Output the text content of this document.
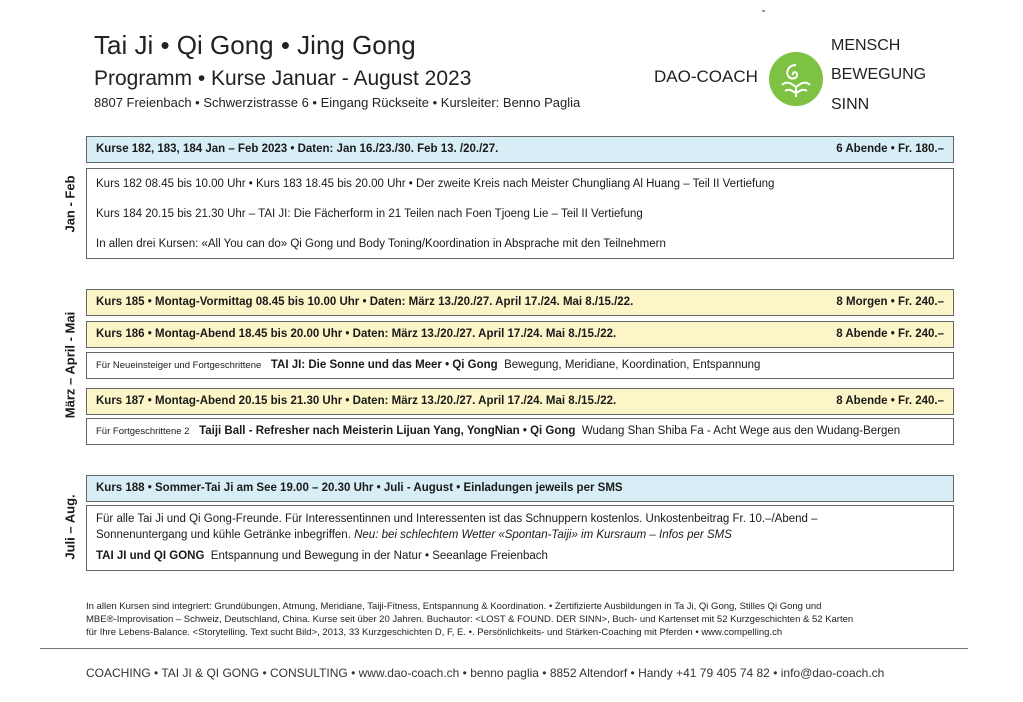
Tai Ji • Qi Gong • Jing Gong
Programm • Kurse Januar - August 2023
8807 Freienbach • Schwerzistrasse 6 • Eingang Rückseite • Kursleiter: Benno Paglia
DAO-COACH
MENSCH
BEWEGUNG
SINN
Jan - Feb
Kurse 182, 183, 184 Jan – Feb 2023 • Daten: Jan 16./23./30. Feb 13. /20./27.	6 Abende • Fr. 180.–
Kurs 182 08.45 bis 10.00 Uhr • Kurs 183 18.45 bis 20.00 Uhr • Der zweite Kreis nach Meister Chungliang Al Huang – Teil II Vertiefung
Kurs 184 20.15 bis 21.30 Uhr – TAI JI: Die Fächerform in 21 Teilen nach Foen Tjoeng Lie – Teil II Vertiefung
In allen drei Kursen: «All You can do» Qi Gong und Body Toning/Koordination in Absprache mit den Teilnehmern
März – April - Mai
Kurs 185 • Montag-Vormittag 08.45 bis 10.00 Uhr • Daten: März 13./20./27. April 17./24. Mai 8./15./22.	8 Morgen • Fr. 240.–
Kurs 186 • Montag-Abend 18.45 bis 20.00 Uhr • Daten: März 13./20./27. April 17./24. Mai 8./15./22.	8 Abende • Fr. 240.–
Für Neueinsteiger und Fortgeschrittene TAI JI: Die Sonne und das Meer • Qi Gong Bewegung, Meridiane, Koordination, Entspannung
Kurs 187 • Montag-Abend 20.15 bis 21.30 Uhr • Daten: März 13./20./27. April 17./24. Mai 8./15./22.	8 Abende • Fr. 240.–
Für Fortgeschrittene 2 Taiji Ball - Refresher nach Meisterin Lijuan Yang, YongNian • Qi Gong Wudang Shan Shiba Fa - Acht Wege aus den Wudang-Bergen
Juli – Aug.
Kurs 188 • Sommer-Tai Ji am See 19.00 – 20.30 Uhr • Juli - August • Einladungen jeweils per SMS
Für alle Tai Ji und Qi Gong-Freunde. Für Interessentinnen und Interessenten ist das Schnuppern kostenlos. Unkostenbeitrag Fr. 10.–/Abend –
Sonnenuntergang und kühle Getränke inbegriffen. Neu: bei schlechtem Wetter «Spontan-Taiji» im Kursraum – Infos per SMS
TAI JI und QI GONG Entspannung und Bewegung in der Natur • Seeanlage Freienbach
In allen Kursen sind integriert: Grundübungen, Atmung, Meridiane, Taiji-Fitness, Entspannung & Koordination. • Zertifizierte Ausbildungen in Ta Ji, Qi Gong, Stilles Qi Gong und
MBE®-Improvisation – Schweiz, Deutschland, China. Kurse seit über 20 Jahren. Buchautor: <LOST & FOUND. DER SINN>, Buch- und Kartenset mit 52 Kurzgeschichten & 52 Karten
für Ihre Lebens-Balance. <Storytelling. Text sucht Bild>, 2013, 33 Kurzgeschichten D, F, E. •. Persönlichkeits- und Stärken-Coaching mit Pferden • www.compelling.ch
COACHING • TAI JI & QI GONG • CONSULTING • www.dao-coach.ch • benno paglia • 8852 Altendorf • Handy +41 79 405 74 82 • info@dao-coach.ch
